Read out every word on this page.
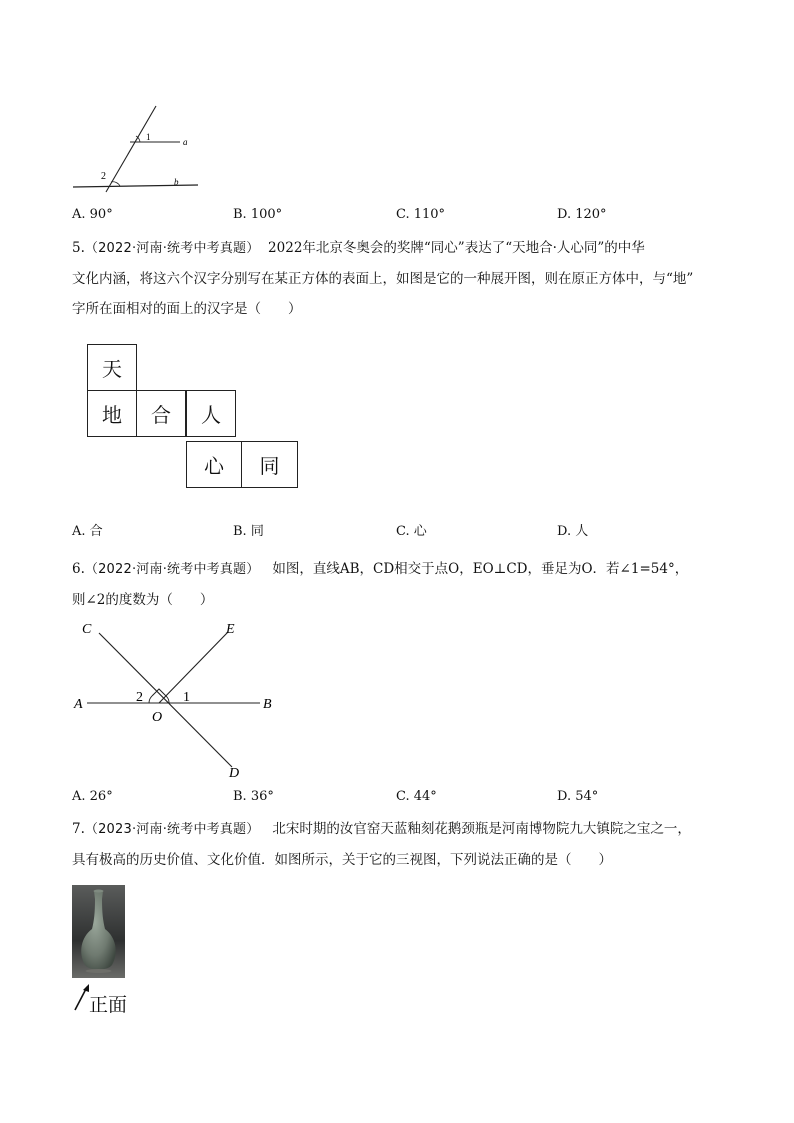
1
2
a
b
A. 90°	B. 100°	C. 110°	D. 120°
5.（2022·河南·统考中考真题） 2022年北京冬奥会的奖牌“同心”表达了“天地合·人心同”的中华
文化内涵，将这六个汉字分别写在某正方体的表面上，如图是它的一种展开图，则在原正方体中，与“地”
字所在面相对的面上的汉字是（　　）
天
地	合	人
心	同
A. 合	B. 同	C. 心	D. 人
6.（2022·河南·统考中考真题） 如图，直线AB，CD相交于点O，EO⊥CD，垂足为O．若∠1=54°，
则∠2的度数为（　　）
C	E
A	B
O
D
1
2
A. 26°	B. 36°	C. 44°	D. 54°
7.（2023·河南·统考中考真题） 北宋时期的汝官窑天蓝釉刻花鹅颈瓶是河南博物院九大镇院之宝之一，
具有极高的历史价值、文化价值．如图所示，关于它的三视图，下列说法正确的是（　　）
正面
